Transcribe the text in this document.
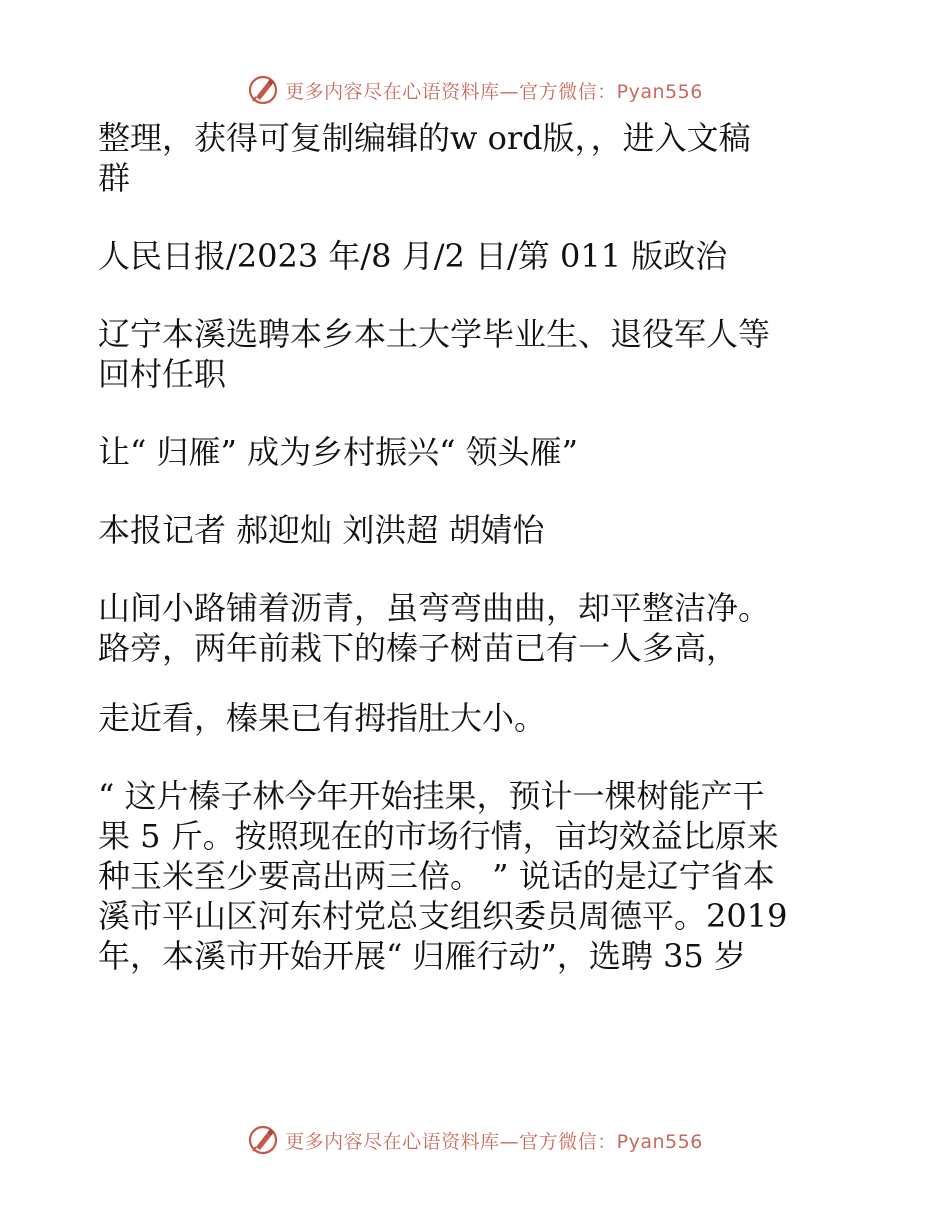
更多内容尽在心语资料库—官方微信：Pyan556

整理，获得可复制编辑的w ord版，，进入文稿

群

人民日报/2023 年/8 月/2 日/第 011 版政治

辽宁本溪选聘本乡本土大学毕业生、退役军人等

回村任职

让“ 归雁” 成为乡村振兴“ 领头雁”

本报记者 郝迎灿 刘洪超 胡婧怡

山间小路铺着沥青，虽弯弯曲曲，却平整洁净。

路旁，两年前栽下的榛子树苗已有一人多高，

走近看，榛果已有拇指肚大小。

“ 这片榛子林今年开始挂果，预计一棵树能产干

果 5 斤。按照现在的市场行情，亩均效益比原来

种玉米至少要高出两三倍。 ” 说话的是辽宁省本

溪市平山区河东村党总支组织委员周德平。2019

年，本溪市开始开展“ 归雁行动”，选聘 35 岁

更多内容尽在心语资料库—官方微信：Pyan556
